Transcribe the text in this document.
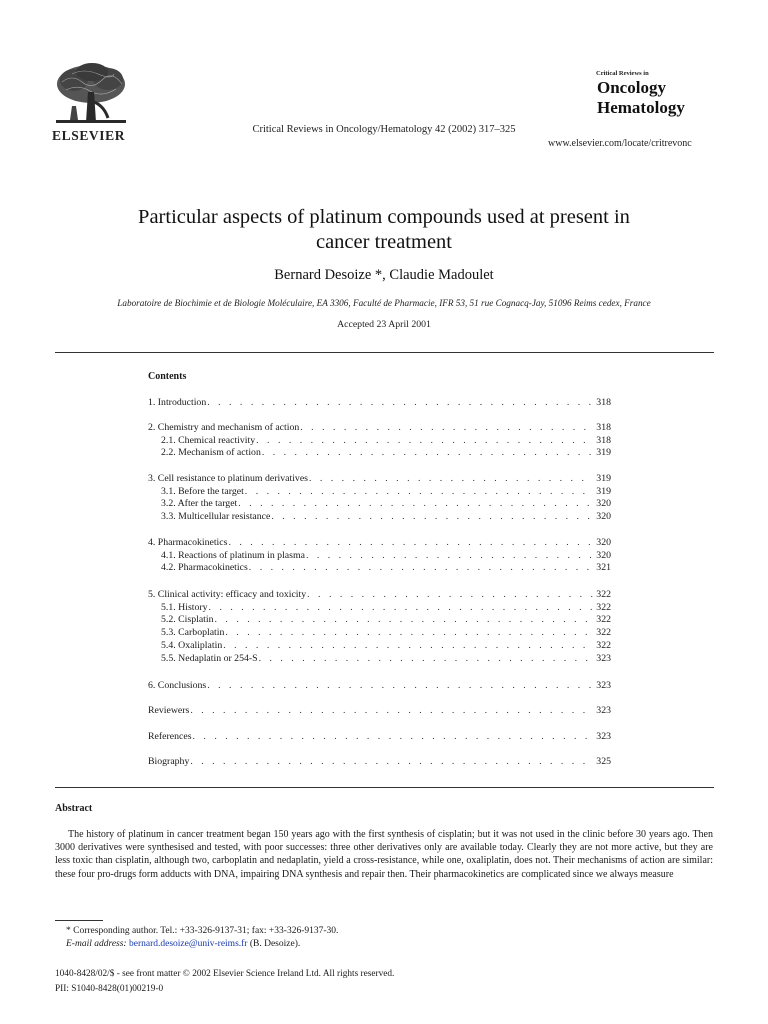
ELSEVIER	Critical Reviews in Oncology/Hematology 42 (2002) 317–325
Critical Reviews in
Oncology
Hematology
www.elsevier.com/locate/critrevonc
Particular aspects of platinum compounds used at present in
cancer treatment
Bernard Desoize *, Claudie Madoulet
Laboratoire de Biochimie et de Biologie Moléculaire, EA 3306, Faculté de Pharmacie, IFR 53, 51 rue Cognacq-Jay, 51096 Reims cedex, France
Accepted 23 April 2001
Contents
1. Introduction . . .	318
2. Chemistry and mechanism of action . . .	318
2.1. Chemical reactivity . . .	318
2.2. Mechanism of action . . .	319
3. Cell resistance to platinum derivatives . . .	319
3.1. Before the target . . .	319
3.2. After the target . . .	320
3.3. Multicellular resistance . . .	320
4. Pharmacokinetics . . .	320
4.1. Reactions of platinum in plasma . . .	320
4.2. Pharmacokinetics . . .	321
5. Clinical activity: efficacy and toxicity . . .	322
5.1. History . . .	322
5.2. Cisplatin . . .	322
5.3. Carboplatin . . .	322
5.4. Oxaliplatin . . .	322
5.5. Nedaplatin or 254-S . . .	323
6. Conclusions . . .	323
Reviewers . . .	323
References . . .	323
Biography . . .	325
Abstract

The history of platinum in cancer treatment began 150 years ago with the first synthesis of cisplatin; but it was not used in the clinic before 30 years ago. Then 3000 derivatives were synthesised and tested, with poor successes: three other derivatives only are available today. Clearly they are not more active, but they are less toxic than cisplatin, although two, carboplatin and nedaplatin, yield a cross-resistance, while one, oxaliplatin, does not. Their mechanisms of action are similar: these four pro-drugs form adducts with DNA, impairing DNA synthesis and repair then. Their pharmacokinetics are complicated since we always measure

* Corresponding author. Tel.: +33-326-9137-31; fax: +33-326-9137-30.
E-mail address: bernard.desoize@univ-reims.fr (B. Desoize).
1040-8428/02/$ - see front matter © 2002 Elsevier Science Ireland Ltd. All rights reserved.
PII: S1040-8428(01)00219-0
